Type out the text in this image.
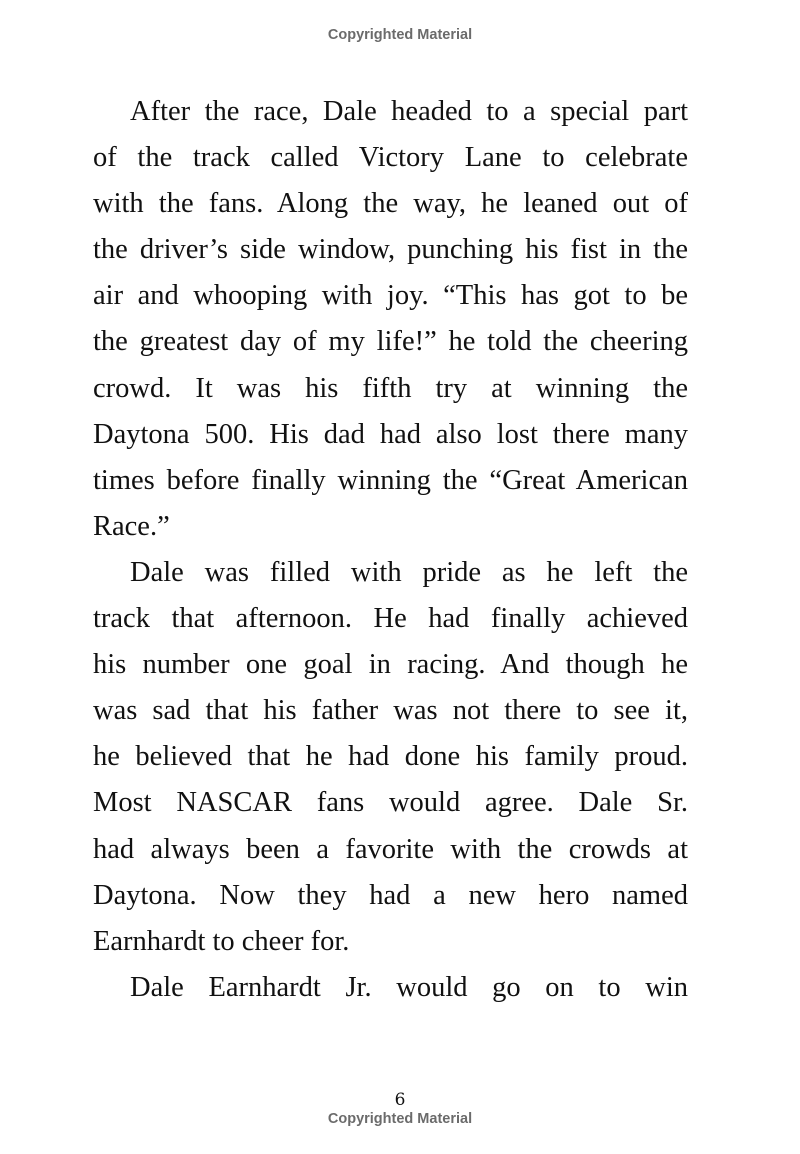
Copyrighted Material
After the race, Dale headed to a special part
of the track called Victory Lane to celebrate
with the fans. Along the way, he leaned out of
the driver’s side window, punching his fist in the
air and whooping with joy. “This has got to be
the greatest day of my life!” he told the cheering
crowd. It was his fifth try at winning the
Daytona 500. His dad had also lost there many
times before finally winning the “Great American
Race.”
Dale was filled with pride as he left the
track that afternoon. He had finally achieved
his number one goal in racing. And though he
was sad that his father was not there to see it,
he believed that he had done his family proud.
Most NASCAR fans would agree. Dale Sr.
had always been a favorite with the crowds at
Daytona. Now they had a new hero named
Earnhardt to cheer for.
Dale Earnhardt Jr. would go on to win
6
Copyrighted Material
